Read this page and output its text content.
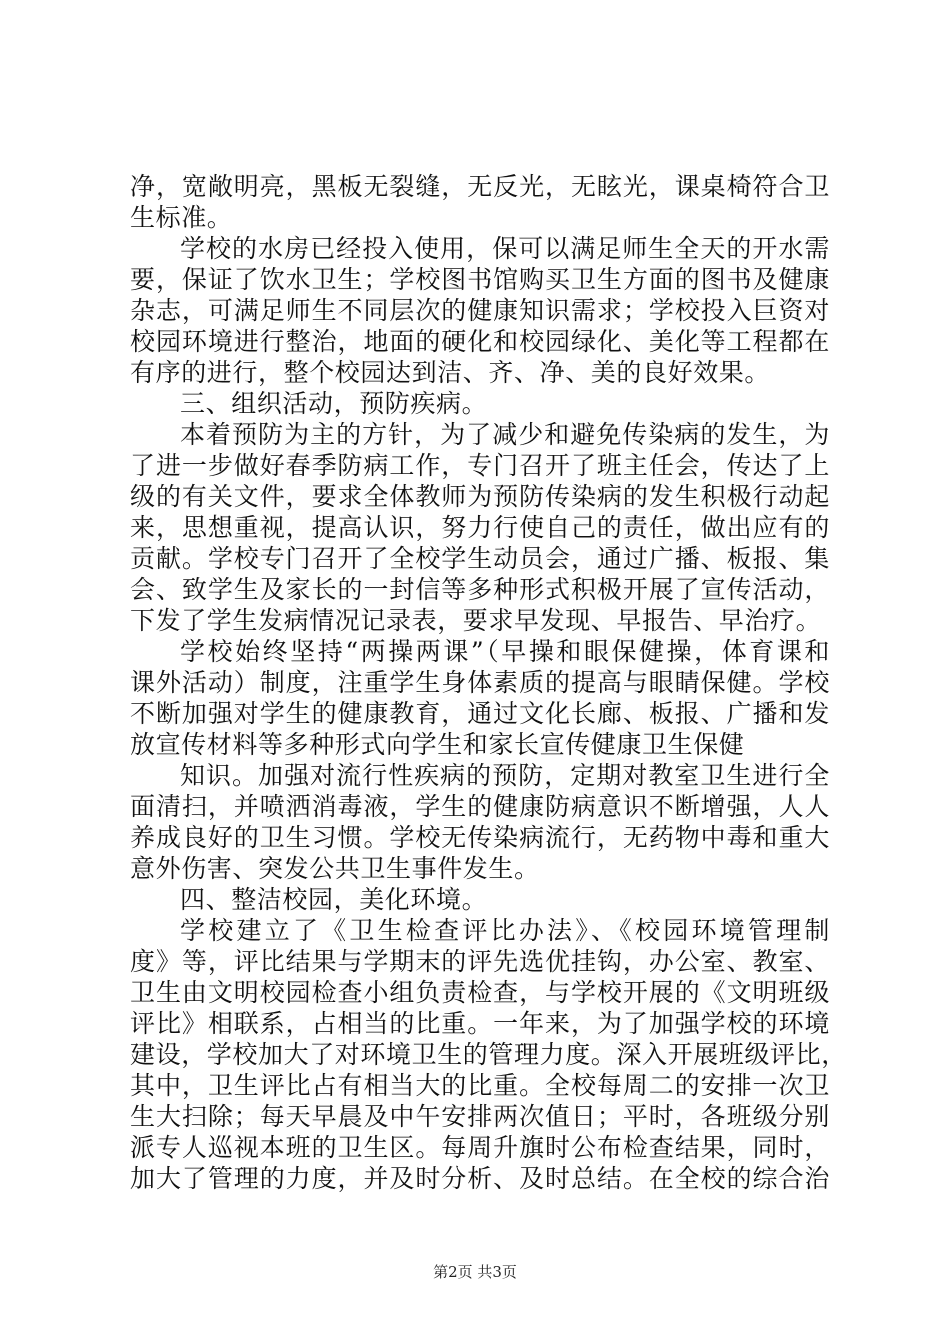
净，宽敞明亮，黑板无裂缝，无反光，无眩光，课桌椅符合卫
生标准。
学校的水房已经投入使用，保可以满足师生全天的开水需
要，保证了饮水卫生；学校图书馆购买卫生方面的图书及健康
杂志，可满足师生不同层次的健康知识需求；学校投入巨资对
校园环境进行整治，地面的硬化和校园绿化、美化等工程都在
有序的进行，整个校园达到洁、齐、净、美的良好效果。
三、组织活动，预防疾病。
本着预防为主的方针，为了减少和避免传染病的发生，为
了进一步做好春季防病工作，专门召开了班主任会，传达了上
级的有关文件，要求全体教师为预防传染病的发生积极行动起
来，思想重视，提高认识，努力行使自己的责任，做出应有的
贡献。学校专门召开了全校学生动员会，通过广播、板报、集
会、致学生及家长的一封信等多种形式积极开展了宣传活动，
下发了学生发病情况记录表，要求早发现、早报告、早治疗。
学校始终坚持“两操两课”（早操和眼保健操，体育课和
课外活动）制度，注重学生身体素质的提高与眼睛保健。学校
不断加强对学生的健康教育，通过文化长廊、板报、广播和发
放宣传材料等多种形式向学生和家长宣传健康卫生保健
知识。加强对流行性疾病的预防，定期对教室卫生进行全
面清扫，并喷洒消毒液，学生的健康防病意识不断增强，人人
养成良好的卫生习惯。学校无传染病流行，无药物中毒和重大
意外伤害、突发公共卫生事件发生。
四、整洁校园，美化环境。
学校建立了《卫生检查评比办法》、《校园环境管理制
度》等，评比结果与学期末的评先选优挂钩，办公室、教室、
卫生由文明校园检查小组负责检查，与学校开展的《文明班级
评比》相联系，占相当的比重。一年来，为了加强学校的环境
建设，学校加大了对环境卫生的管理力度。深入开展班级评比，
其中，卫生评比占有相当大的比重。全校每周二的安排一次卫
生大扫除；每天早晨及中午安排两次值日；平时，各班级分别
派专人巡视本班的卫生区。每周升旗时公布检查结果，同时，
第2页 共3页
加大了管理的力度，并及时分析、及时总结。在全校的综合治
